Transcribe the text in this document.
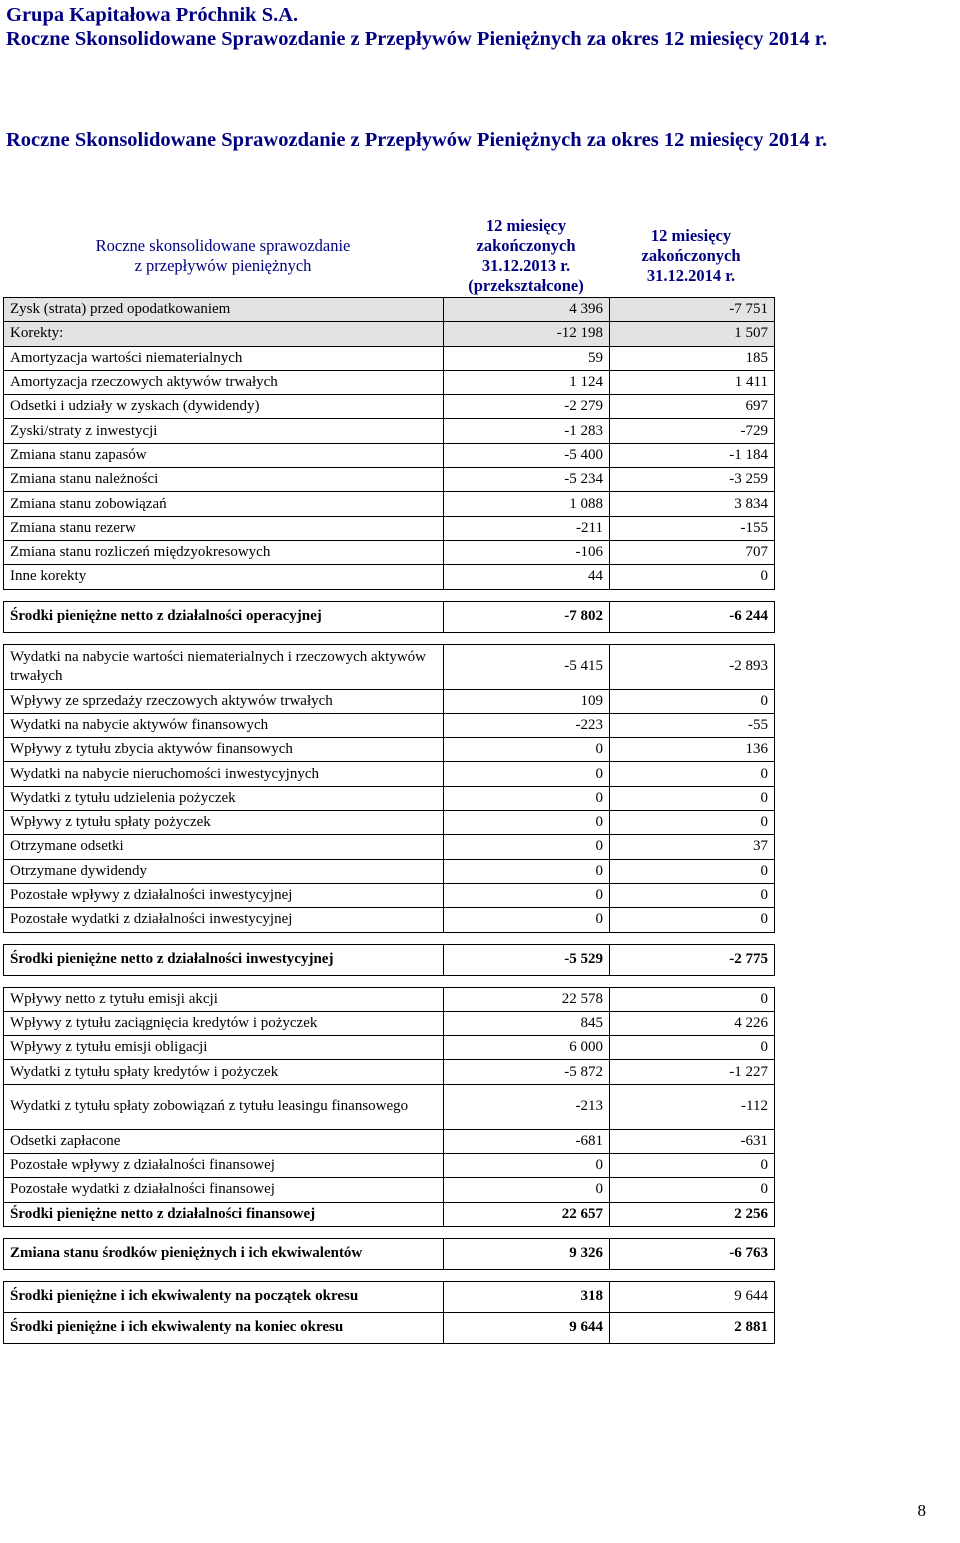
Grupa Kapitałowa Próchnik S.A.
Roczne Skonsolidowane Sprawozdanie z Przepływów Pieniężnych za okres 12 miesięcy 2014 r.
Roczne Skonsolidowane Sprawozdanie z Przepływów Pieniężnych za okres 12 miesięcy 2014 r.
Roczne skonsolidowane sprawozdanie
z przepływów pieniężnych
12 miesięcy
zakończonych
31.12.2013 r.
(przekształcone)
12 miesięcy
zakończonych
31.12.2014 r.
Zysk (strata) przed opodatkowaniem	4 396	-7 751
Korekty:	-12 198	1 507
Amortyzacja wartości niematerialnych	59	185
Amortyzacja rzeczowych aktywów trwałych	1 124	1 411
Odsetki i udziały w zyskach (dywidendy)	-2 279	697
Zyski/straty z inwestycji	-1 283	-729
Zmiana stanu zapasów	-5 400	-1 184
Zmiana stanu należności	-5 234	-3 259
Zmiana stanu zobowiązań	1 088	3 834
Zmiana stanu rezerw	-211	-155
Zmiana stanu rozliczeń międzyokresowych	-106	707
Inne korekty	44	0

Środki pieniężne netto z działalności operacyjnej	-7 802	-6 244

Wydatki na nabycie wartości niematerialnych i rzeczowych aktywów trwałych	-5 415	-2 893
Wpływy ze sprzedaży rzeczowych aktywów trwałych	109	0
Wydatki na nabycie aktywów finansowych	-223	-55
Wpływy z tytułu zbycia aktywów finansowych	0	136
Wydatki na nabycie nieruchomości inwestycyjnych	0	0
Wydatki z tytułu udzielenia pożyczek	0	0
Wpływy z tytułu spłaty pożyczek	0	0
Otrzymane odsetki	0	37
Otrzymane dywidendy	0	0
Pozostałe wpływy z działalności inwestycyjnej	0	0
Pozostałe wydatki z działalności inwestycyjnej	0	0

Środki pieniężne netto z działalności inwestycyjnej	-5 529	-2 775

Wpływy netto z tytułu emisji akcji	22 578	0
Wpływy z tytułu zaciągnięcia kredytów i pożyczek	845	4 226
Wpływy z tytułu emisji obligacji	6 000	0
Wydatki z tytułu spłaty kredytów i pożyczek	-5 872	-1 227
Wydatki z tytułu spłaty zobowiązań z tytułu leasingu finansowego	-213	-112
Odsetki zapłacone	-681	-631
Pozostałe wpływy z działalności finansowej	0	0
Pozostałe wydatki z działalności finansowej	0	0
Środki pieniężne netto z działalności finansowej	22 657	2 256

Zmiana stanu środków pieniężnych i ich ekwiwalentów	9 326	-6 763

Środki pieniężne i ich ekwiwalenty na początek okresu	318	9 644
Środki pieniężne i ich ekwiwalenty na koniec okresu	9 644	2 881
8
